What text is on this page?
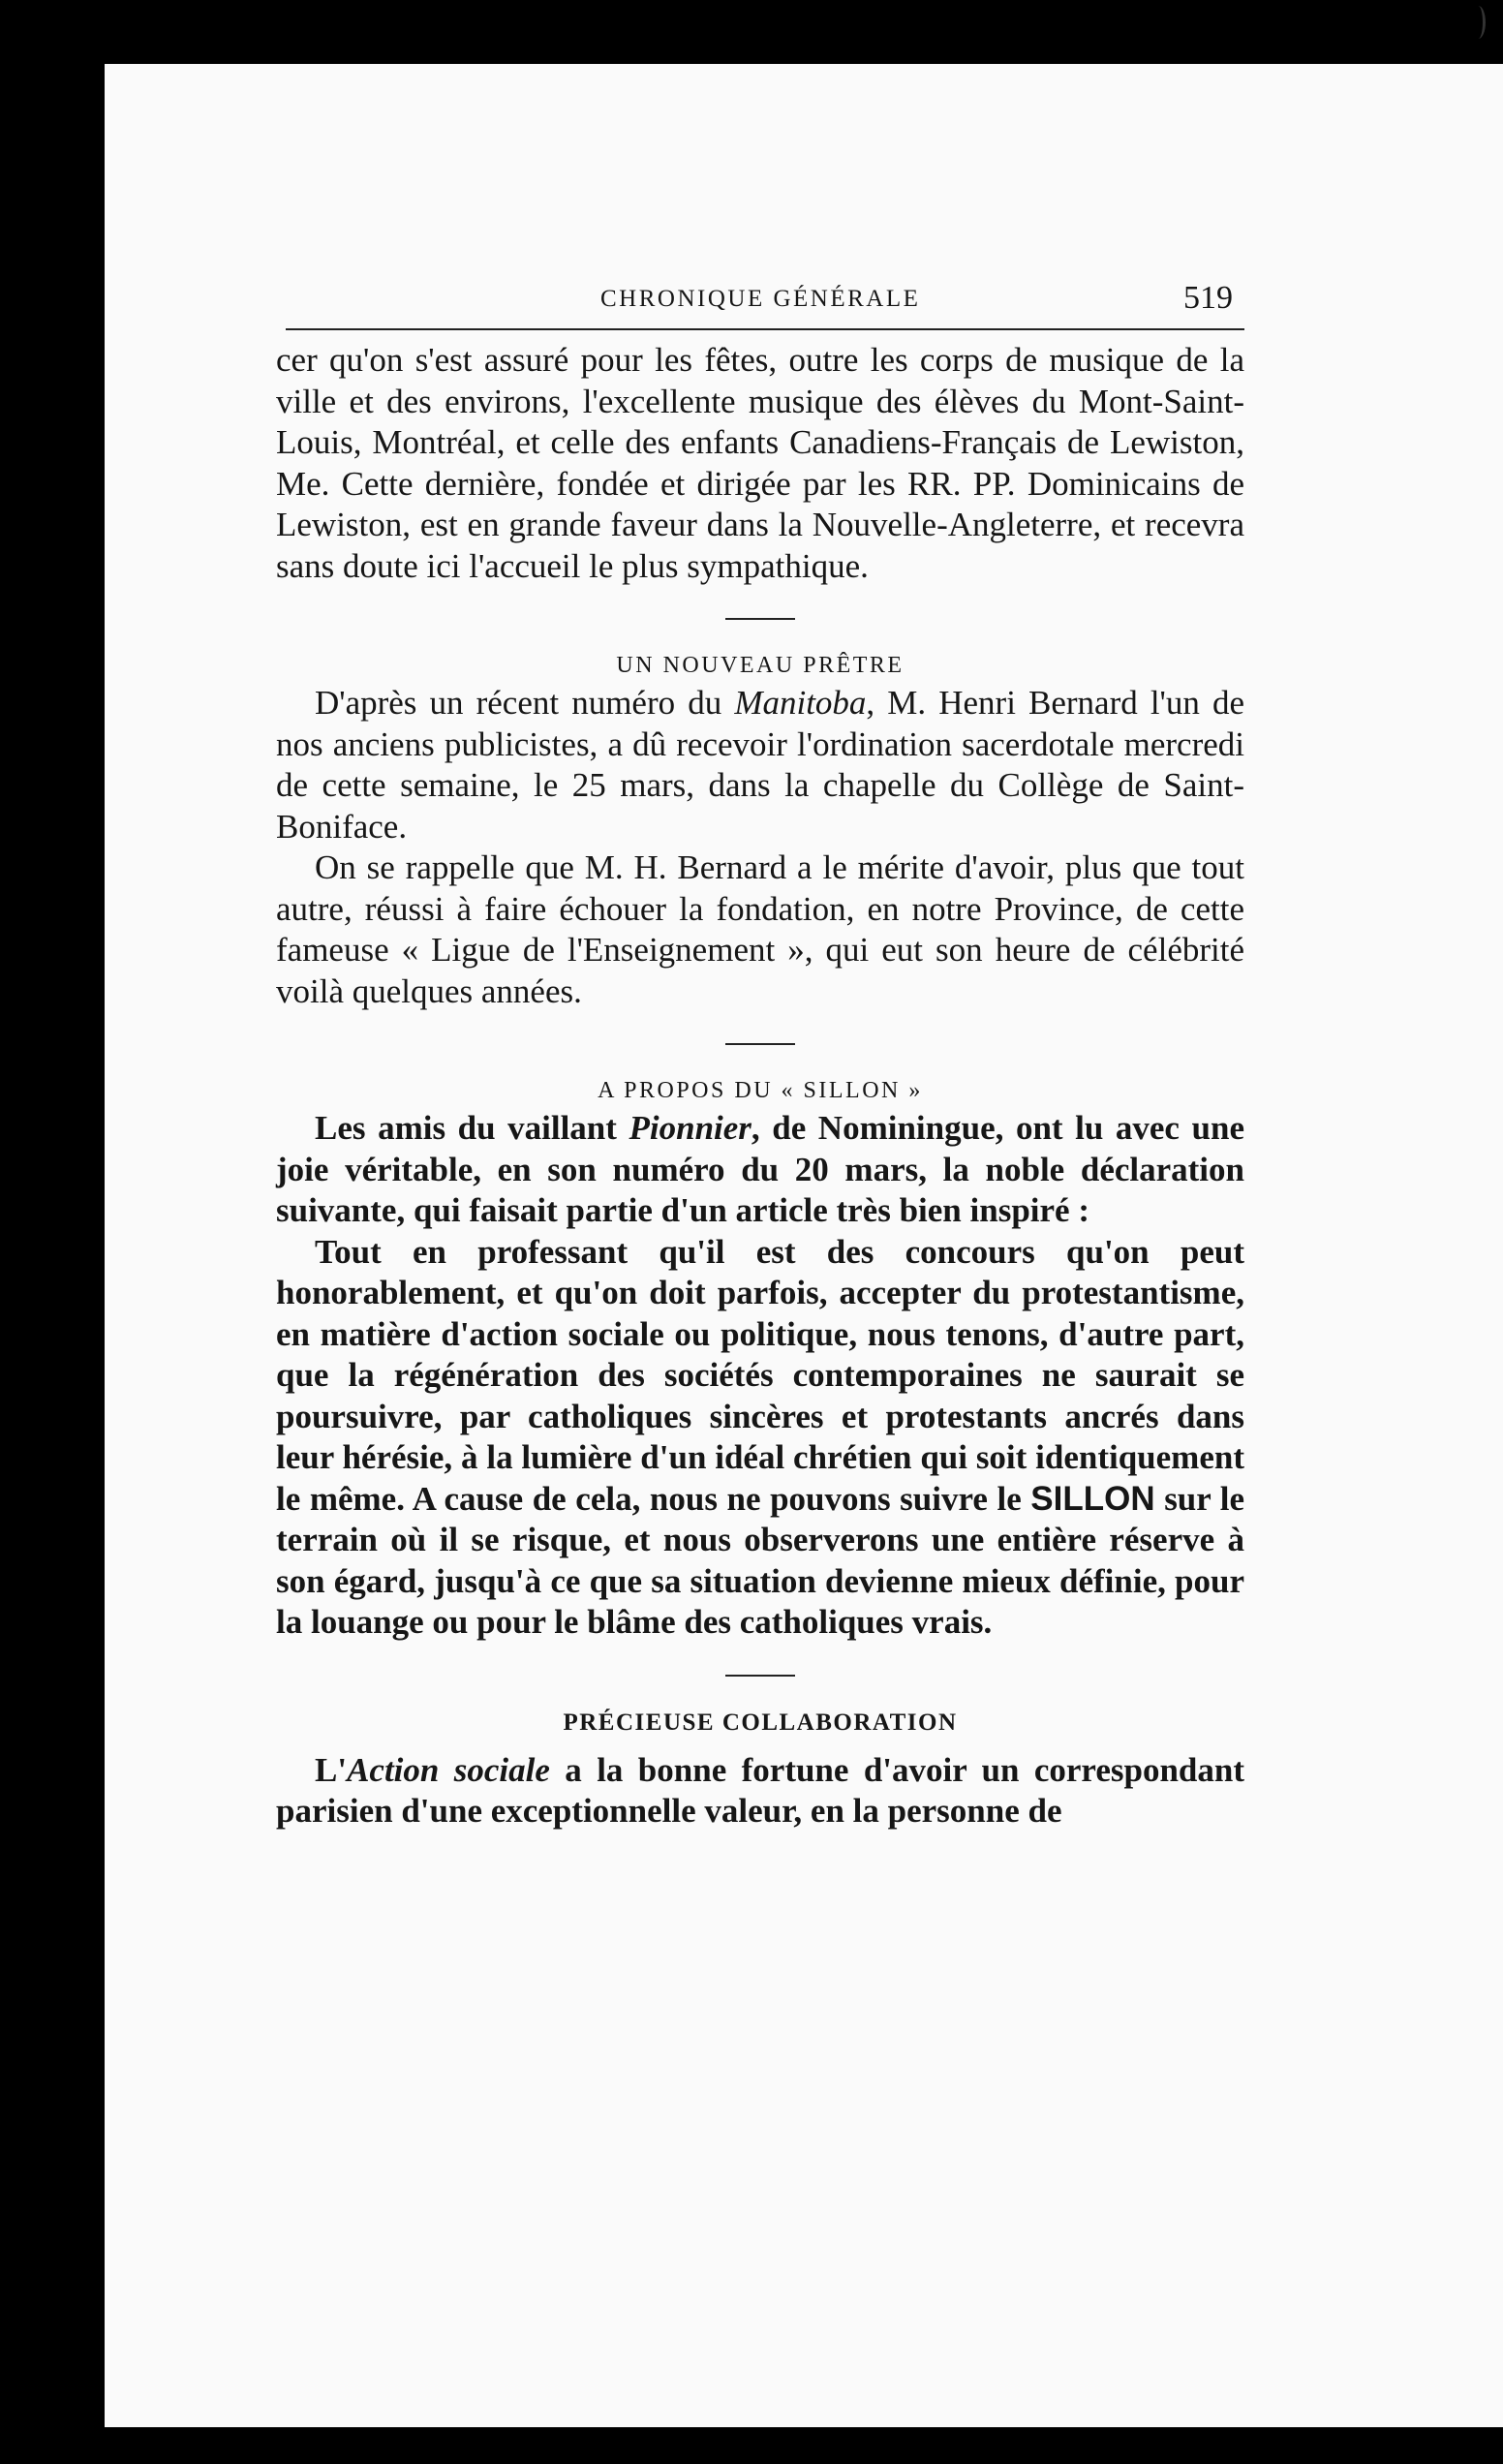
CHRONIQUE GÉNÉRALE	519

cer qu'on s'est assuré pour les fêtes, outre les corps de musique de la ville et des environs, l'excellente musique des élèves du Mont-Saint-Louis, Montréal, et celle des enfants Canadiens-Français de Lewiston, Me. Cette dernière, fondée et dirigée par les RR. PP. Dominicains de Lewiston, est en grande faveur dans la Nouvelle-Angleterre, et recevra sans doute ici l'accueil le plus sympathique.

UN NOUVEAU PRÊTRE

D'après un récent numéro du Manitoba, M. Henri Bernard l'un de nos anciens publicistes, a dû recevoir l'ordination sacerdotale mercredi de cette semaine, le 25 mars, dans la chapelle du Collège de Saint-Boniface.

On se rappelle que M. H. Bernard a le mérite d'avoir, plus que tout autre, réussi à faire échouer la fondation, en notre Province, de cette fameuse « Ligue de l'Enseignement », qui eut son heure de célébrité voilà quelques années.

A PROPOS DU « SILLON »

Les amis du vaillant Pionnier, de Nominingue, ont lu avec une joie véritable, en son numéro du 20 mars, la noble déclaration suivante, qui faisait partie d'un article très bien inspiré :

Tout en professant qu'il est des concours qu'on peut honorablement, et qu'on doit parfois, accepter du protestantisme, en matière d'action sociale ou politique, nous tenons, d'autre part, que la régénération des sociétés contemporaines ne saurait se poursuivre, par catholiques sincères et protestants ancrés dans leur hérésie, à la lumière d'un idéal chrétien qui soit identiquement le même. A cause de cela, nous ne pouvons suivre le SILLON sur le terrain où il se risque, et nous observerons une entière réserve à son égard, jusqu'à ce que sa situation devienne mieux définie, pour la louange ou pour le blâme des catholiques vrais.

PRÉCIEUSE COLLABORATION

L'Action sociale a la bonne fortune d'avoir un correspondant parisien d'une exceptionnelle valeur, en la personne de
